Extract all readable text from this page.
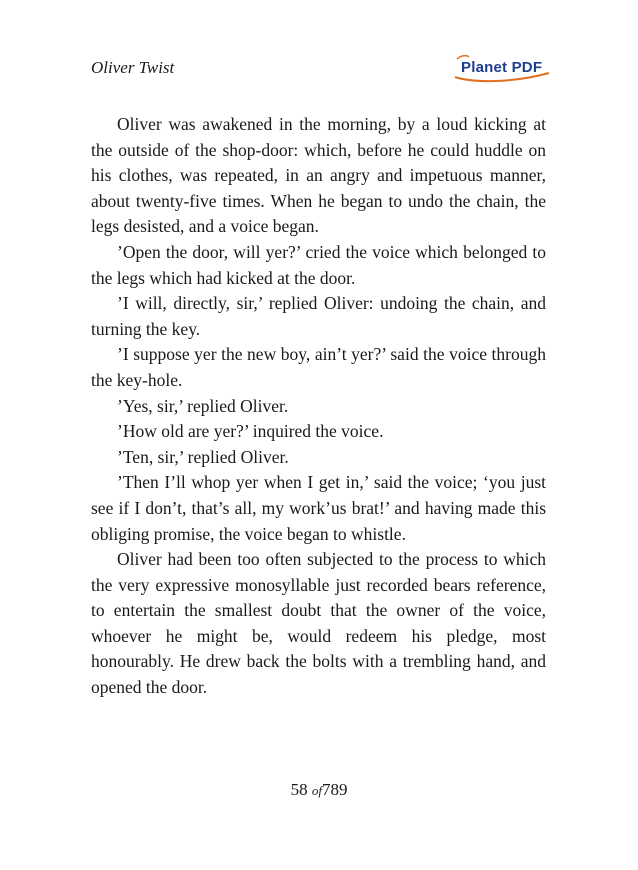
Oliver Twist	Planet PDF

Oliver was awakened in the morning, by a loud kicking at the outside of the shop-door: which, before he could huddle on his clothes, was repeated, in an angry and impetuous manner, about twenty-five times. When he began to undo the chain, the legs desisted, and a voice began.

’Open the door, will yer?’ cried the voice which belonged to the legs which had kicked at the door.

’I will, directly, sir,’ replied Oliver: undoing the chain, and turning the key.

’I suppose yer the new boy, ain’t yer?’ said the voice through the key-hole.

’Yes, sir,’ replied Oliver.

’How old are yer?’ inquired the voice.

’Ten, sir,’ replied Oliver.

’Then I’ll whop yer when I get in,’ said the voice; ‘you just see if I don’t, that’s all, my work’us brat!’ and having made this obliging promise, the voice began to whistle.

Oliver had been too often subjected to the process to which the very expressive monosyllable just recorded bears reference, to entertain the smallest doubt that the owner of the voice, whoever he might be, would redeem his pledge, most honourably. He drew back the bolts with a trembling hand, and opened the door.

58 of789
